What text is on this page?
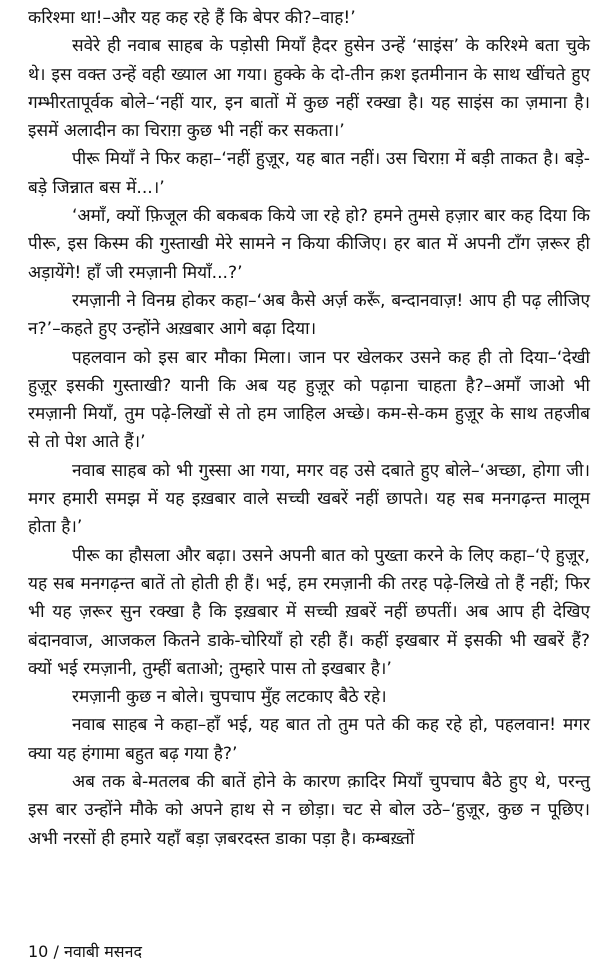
करिश्मा था!–और यह कह रहे हैं कि बेपर की?–वाह!’

सवेरे ही नवाब साहब के पड़ोसी मियाँ हैदर हुसेन उन्हें ‘साइंस’ के करिश्मे बता चुके थे। इस वक्त उन्हें वही ख्याल आ गया। हुक्के के दो-तीन क़श इतमीनान के साथ खींचते हुए गम्भीरतापूर्वक बोले–‘नहीं यार, इन बातों में कुछ नहीं रक्खा है। यह साइंस का ज़माना है। इसमें अलादीन का चिराग़ कुछ भी नहीं कर सकता।’

पीरू मियाँ ने फिर कहा–‘नहीं हुज़ूर, यह बात नहीं। उस चिराग़ में बड़ी ताकत है। बड़े-बड़े जिन्नात बस में...।’

‘अमाँ, क्यों फ़िजूल की बकबक किये जा रहे हो? हमने तुमसे हज़ार बार कह दिया कि पीरू, इस किस्म की गुस्ताखी मेरे सामने न किया कीजिए। हर बात में अपनी टाँग ज़रूर ही अड़ायेंगे! हाँ जी रमज़ानी मियाँ...?’

रमज़ानी ने विनम्र होकर कहा–‘अब कैसे अर्ज़ करूँ, बन्दानवाज़! आप ही पढ़ लीजिए न?’–कहते हुए उन्होंने अख़बार आगे बढ़ा दिया।

पहलवान को इस बार मौका मिला। जान पर खेलकर उसने कह ही तो दिया–‘देखी हुज़ूर इसकी गुस्ताखी? यानी कि अब यह हुज़ूर को पढ़ाना चाहता है?–अमाँ जाओ भी रमज़ानी मियाँ, तुम पढ़े-लिखों से तो हम जाहिल अच्छे। कम-से-कम हुज़ूर के साथ तहजीब से तो पेश आते हैं।’

नवाब साहब को भी गुस्सा आ गया, मगर वह उसे दबाते हुए बोले–‘अच्छा, होगा जी। मगर हमारी समझ में यह इख़बार वाले सच्ची खबरें नहीं छापते। यह सब मनगढ़न्त मालूम होता है।’

पीरू का हौसला और बढ़ा। उसने अपनी बात को पुख्ता करने के लिए कहा–‘ऐ हुज़ूर, यह सब मनगढ़न्त बातें तो होती ही हैं। भई, हम रमज़ानी की तरह पढ़े-लिखे तो हैं नहीं; फिर भी यह ज़रूर सुन रक्खा है कि इख़बार में सच्ची ख़बरें नहीं छपतीं। अब आप ही देखिए बंदानवाज, आजकल कितने डाके-चोरियाँ हो रही हैं। कहीं इखबार में इसकी भी खबरें हैं? क्यों भई रमज़ानी, तुम्हीं बताओ; तुम्हारे पास तो इखबार है।’

रमज़ानी कुछ न बोले। चुपचाप मुँह लटकाए बैठे रहे।

नवाब साहब ने कहा–हाँ भई, यह बात तो तुम पते की कह रहे हो, पहलवान! मगर क्या यह हंगामा बहुत बढ़ गया है?’

अब तक बे-मतलब की बातें होने के कारण क़ादिर मियाँ चुपचाप बैठे हुए थे, परन्तु इस बार उन्होंने मौके को अपने हाथ से न छोड़ा। चट से बोल उठे–‘हुज़ूर, कुछ न पूछिए। अभी नरसों ही हमारे यहाँ बड़ा ज़बरदस्त डाका पड़ा है। कम्बख़्तों

10 / नवाबी मसनद
